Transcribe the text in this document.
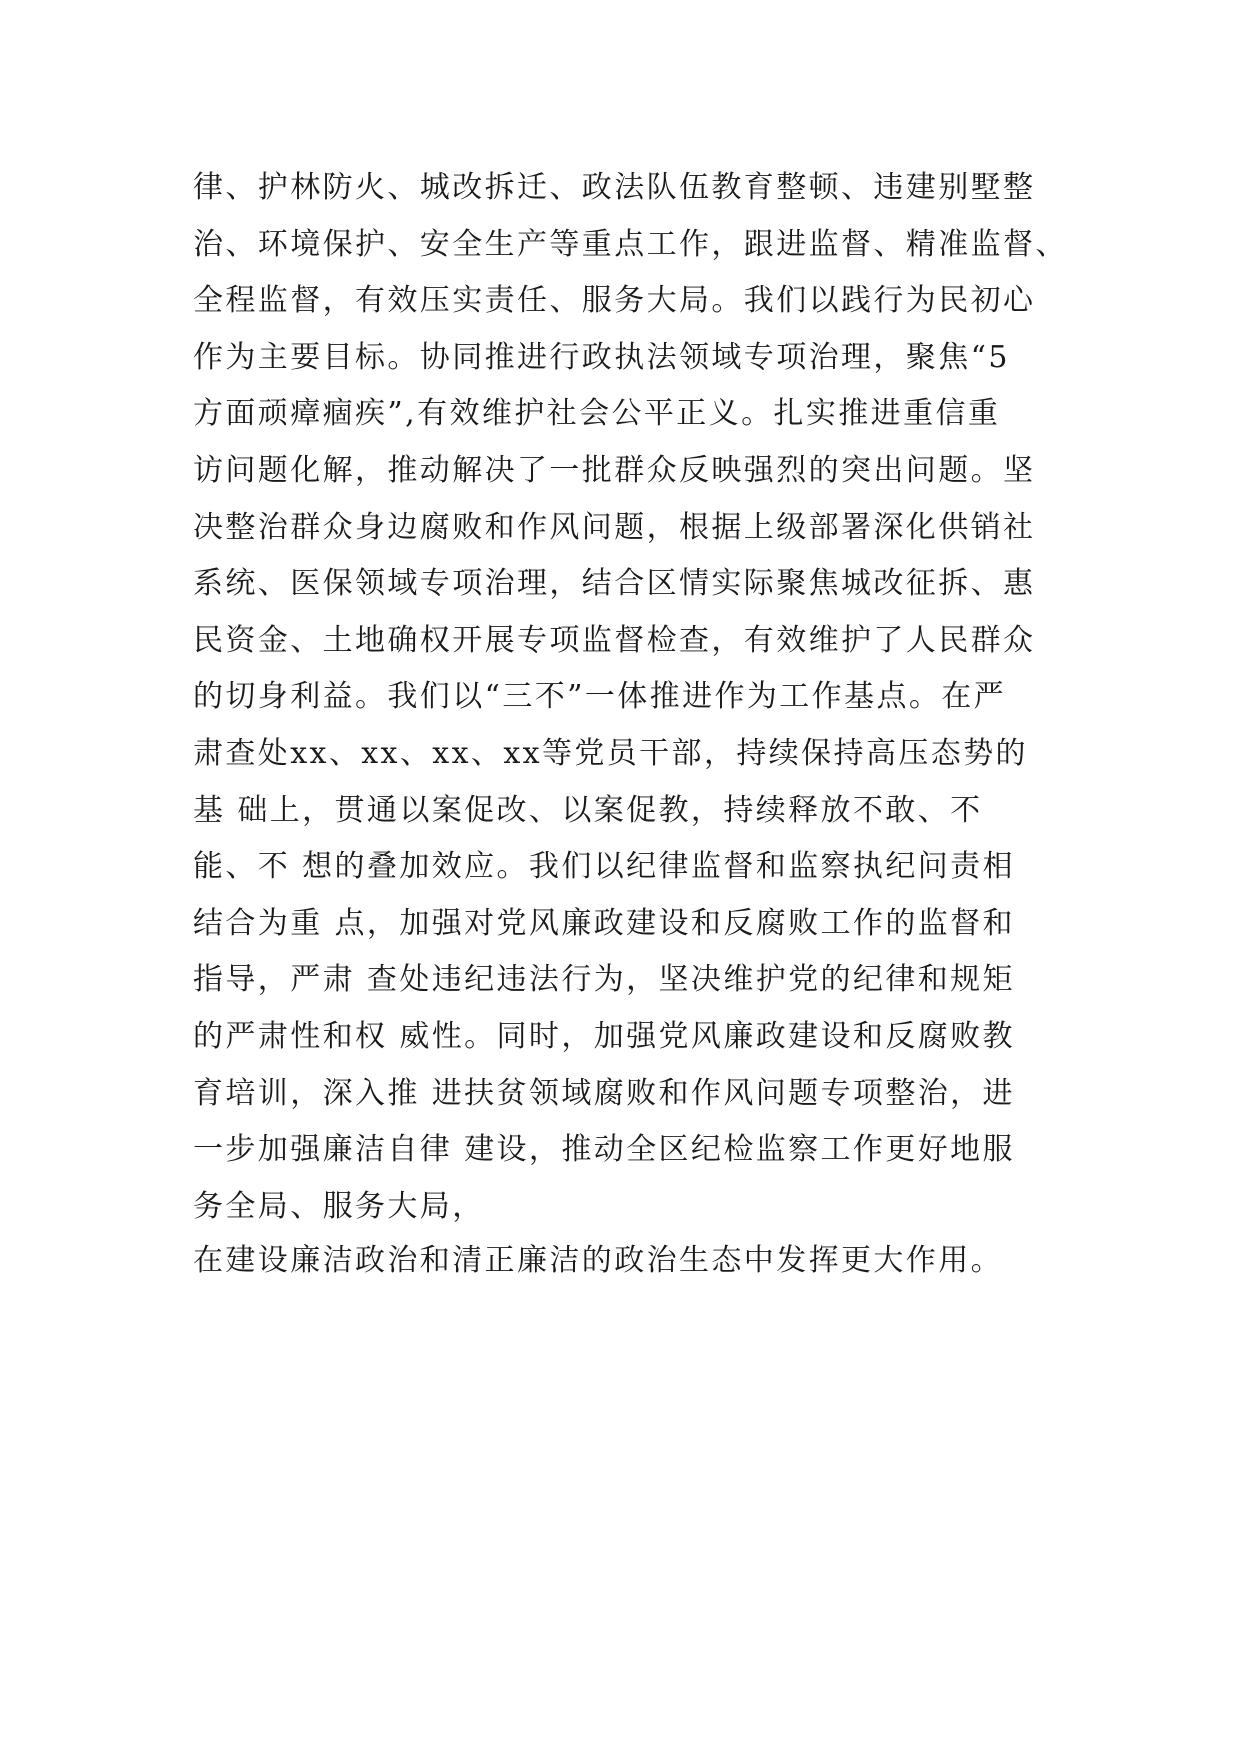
律、护林防火、城改拆迁、政法队伍教育整顿、违建别墅整
治、环境保护、安全生产等重点工作，跟进监督、精准监督、
全程监督，有效压实责任、服务大局。我们以践行为民初心
作为主要目标。协同推进行政执法领域专项治理，聚焦“5
方面顽瘴痼疾”,有效维护社会公平正义。扎实推进重信重
访问题化解，推动解决了一批群众反映强烈的突出问题。坚
决整治群众身边腐败和作风问题，根据上级部署深化供销社
系统、医保领域专项治理，结合区情实际聚焦城改征拆、惠
民资金、土地确权开展专项监督检查，有效维护了人民群众
的切身利益。我们以“三不”一体推进作为工作基点。在严
肃查处xx、xx、xx、xx等党员干部，持续保持高压态势的
基 础上，贯通以案促改、以案促教，持续释放不敢、不
能、不 想的叠加效应。我们以纪律监督和监察执纪问责相
结合为重 点，加强对党风廉政建设和反腐败工作的监督和
指导，严肃 查处违纪违法行为，坚决维护党的纪律和规矩
的严肃性和权 威性。同时，加强党风廉政建设和反腐败教
育培训，深入推 进扶贫领域腐败和作风问题专项整治，进
一步加强廉洁自律 建设，推动全区纪检监察工作更好地服
务全局、服务大局，
在建设廉洁政治和清正廉洁的政治生态中发挥更大作用。
